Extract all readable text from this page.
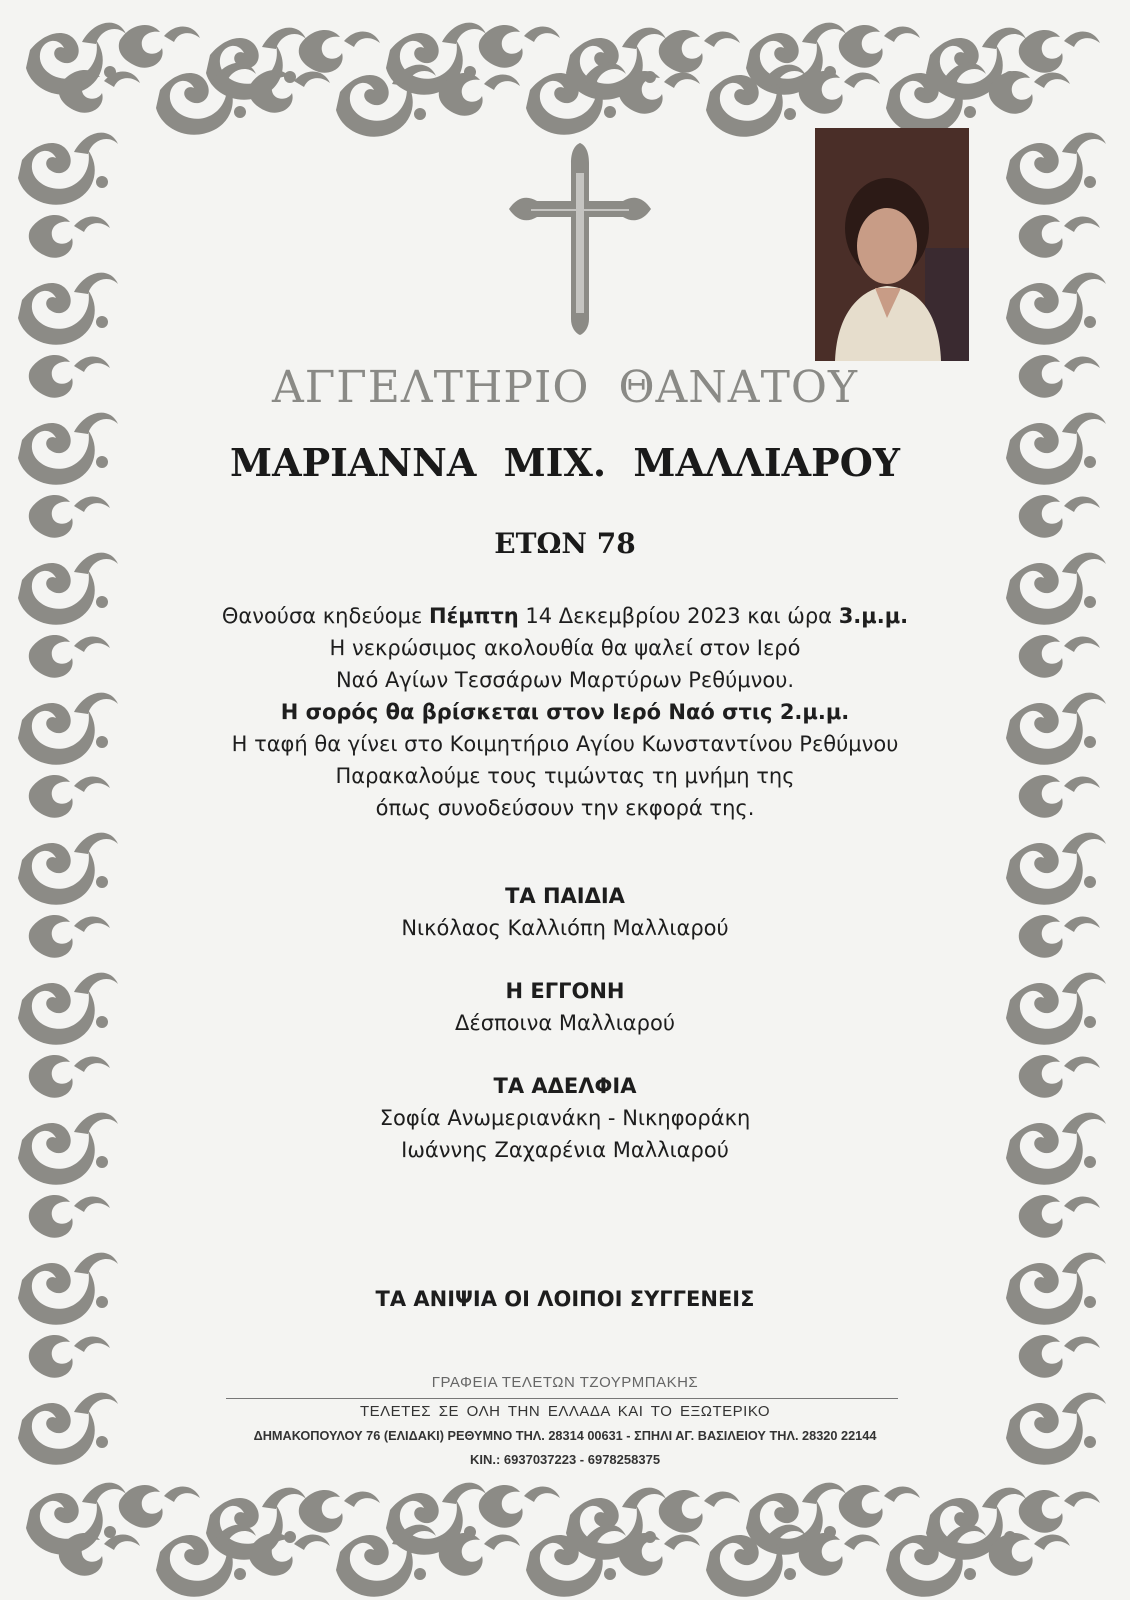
ΑΓΓΕΛΤΗΡΙΟ ΘΑΝΑΤΟΥ
ΜΑΡΙΑΝΝΑ ΜΙΧ. ΜΑΛΛΙΑΡΟΥ
ΕΤΩΝ 78
Θανούσα κηδεύομε Πέμπτη 14 Δεκεμβρίου 2023 και ώρα 3.μ.μ.
Η νεκρώσιμος ακολουθία θα ψαλεί στον Ιερό
Ναό Αγίων Τεσσάρων Μαρτύρων Ρεθύμνου.
Η σορός θα βρίσκεται στον Ιερό Ναό στις 2.μ.μ.
Η ταφή θα γίνει στο Κοιμητήριο Αγίου Κωνσταντίνου Ρεθύμνου
Παρακαλούμε τους τιμώντας τη μνήμη της
όπως συνοδεύσουν την εκφορά της.
ΤΑ ΠΑΙΔΙΑ
Νικόλαος Καλλιόπη Μαλλιαρού
Η ΕΓΓΟΝΗ
Δέσποινα Μαλλιαρού
ΤΑ ΑΔΕΛΦΙΑ
Σοφία Ανωμεριανάκη - Νικηφοράκη
Ιωάννης Ζαχαρένια Μαλλιαρού
ΤΑ ΑΝΙΨΙΑ ΟΙ ΛΟΙΠΟΙ ΣΥΓΓΕΝΕΙΣ
ΓΡΑΦΕΙΑ ΤΕΛΕΤΩΝ ΤΖΟΥΡΜΠΑΚΗΣ
ΤΕΛΕΤΕΣ ΣΕ ΟΛΗ ΤΗΝ ΕΛΛΑΔΑ ΚΑΙ ΤΟ ΕΞΩΤΕΡΙΚΟ
ΔΗΜΑΚΟΠΟΥΛΟΥ 76 (ΕΛΙΔΑΚΙ) ΡΕΘΥΜΝΟ ΤΗΛ. 28314 00631 - ΣΠΗΛΙ ΑΓ. ΒΑΣΙΛΕΙΟΥ ΤΗΛ. 28320 22144
ΚΙΝ.: 6937037223 - 6978258375
